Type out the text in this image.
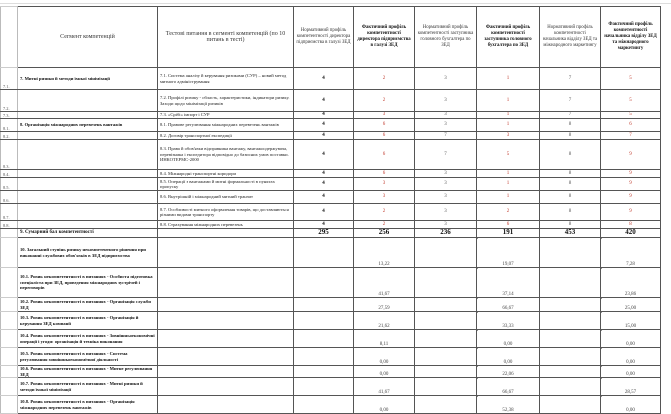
	Сегмент компетенцій	Тестові питання в сегменті компетенцій (по 10 питань в тесті)	Нормативний профіль компетентності директора підприємства в галузі ЗЕД	Фактичний профіль компетентності директора підприємства в галузі ЗЕД	Нормативний профіль компетентності заступника головного бухгалтера по ЗЕД	Фактичний профіль компетентності заступника головного бухгалтера по ЗЕД	Нормативний профіль компетентності начальника відділу ЗЕД та міжнародного маркетингу	Фактичний профіль компетентності начальника відділу ЗЕД та міжнародного маркетингу
7.1.	7. Митні ризики й методи їхньої мінімізації	7.1. Система аналізу й керування ризиками (СУР) – новий метод митного адміністрування	4	2	3	1	7	5
7.2.		7.2. Профілі ризику - область, характеристики, індикатори ризику. Заходи щодо мінімізації ризиків	4	2	3	1	7	5
7.3.		7.3. «Срібі» імпорт і СУР	4	3	3	1	7	5
8.1.	8. Організація міжнародних перевезень вантажів	8.1. Правове регулювання міжнародних перевезень вантажів	4	6	3	1	8	6
8.2.		8.2. Договір транспортної експедиції	4	6	7	3	8	7
8.3.		8.3. Права й обов'язки відправника вантажу, вантажоодержувача, перевізника і експедитора відповідно до базисних умов поставки. ИНКОТЕРМС-2000	4	6	7	5	8	9
8.4.		8.4. Міжнародні транспортні коридори	4	6	3	1	8	9
8.5.		8.5. Операції з вантажами й митні формальності в пунктах пропуску	4	3	3	1	8	9
8.6.		8.6. Внутрішній і міжнародний митний транзит	4	3	3	1	8	9
8.7.		8.7. Особливості митного оформлення товарів, що доставляються різними видами транспорту	4	2	3	2	8	9
8.8.		8.8. Страхування міжнародних перевезень	4	2	3	6	8	8
	9. Сумарний бал компетентності		295	256	236	191	453	420
	10. Загальний ступінь ризику некомпетентного рішення при виконанні службових обов'язків в ЗЕД підприємства			13,22		19,07		7,28
	10.1. Ризик некомпетентності в питаннях - Особиста підготовка спеціаліста при ЗЕД, проведення міжнародних зустрічей і переговорів			41,67		37,14		23,86
	10.2. Ризик некомпетентності в питаннях - Організація служби ЗЕД			27,59		66,67		25,00
	10.3. Ризик некомпетентності в питаннях - Організація й керування ЗЕД компанії			21,62		33,33		15,00
	10.4. Ризик некомпетентності в питаннях - Зовнішньоекономічні операції і угоди: організація й техніка виконання			8,11		0,00		0,00
	10.5. Ризик некомпетентності в питаннях - Система регулювання зовнішньоекономічної діяльності			0,00		0,00		0,00
	10.6. Ризик некомпетентності в питаннях - Митне регулювання ЗЕД			0,00		22,06		0,00
	10.7. Ризик некомпетентності в питаннях - Митні ризики й методи їхньої мінімізації			41,67		66,67		28,57
	10.8. Ризик некомпетентності в питаннях - Організація міжнародних перевезень вантажів			0,00		52,38		0,00
